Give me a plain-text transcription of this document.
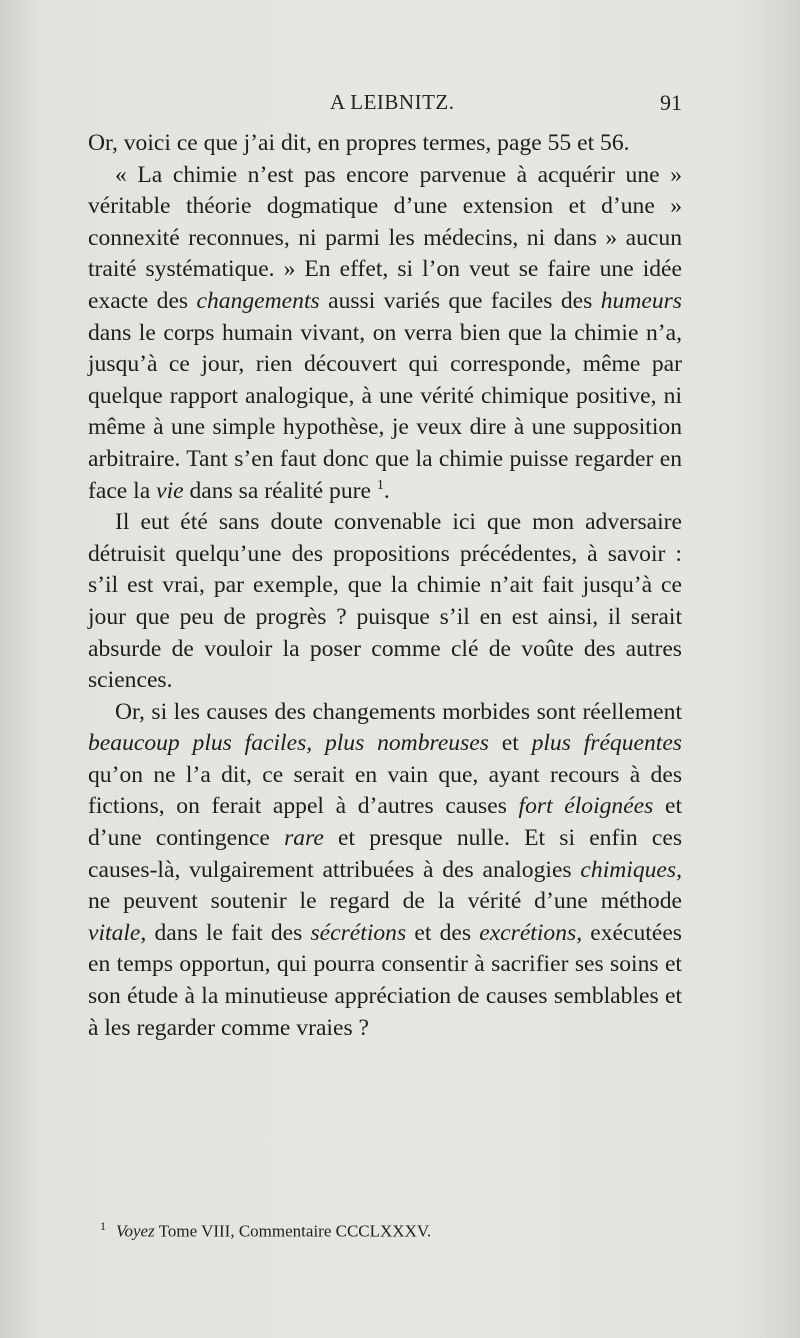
A LEIBNITZ.	91

Or, voici ce que j’ai dit, en propres termes, page 55 et 56.

« La chimie n’est pas encore parvenue à acquérir une » véritable théorie dogmatique d’une extension et d’une » connexité reconnues, ni parmi les médecins, ni dans » aucun traité systématique. » En effet, si l’on veut se faire une idée exacte des changements aussi variés que faciles des humeurs dans le corps humain vivant, on verra bien que la chimie n’a, jusqu’à ce jour, rien découvert qui corresponde, même par quelque rapport analogique, à une vérité chimique positive, ni même à une simple hypothèse, je veux dire à une supposition arbitraire. Tant s’en faut donc que la chimie puisse regarder en face la vie dans sa réalité pure $^1$.

Il eut été sans doute convenable ici que mon adversaire détruisit quelqu’une des propositions précédentes, à savoir : s’il est vrai, par exemple, que la chimie n’ait fait jusqu’à ce jour que peu de progrès ? puisque s’il en est ainsi, il serait absurde de vouloir la poser comme clé de voûte des autres sciences.

Or, si les causes des changements morbides sont réellement beaucoup plus faciles, plus nombreuses et plus fréquentes qu’on ne l’a dit, ce serait en vain que, ayant recours à des fictions, on ferait appel à d’autres causes fort éloignées et d’une contingence rare et presque nulle. Et si enfin ces causes-là, vulgairement attribuées à des analogies chimiques, ne peuvent soutenir le regard de la vérité d’une méthode vitale, dans le fait des sécrétions et des excrétions, exécutées en temps opportun, qui pourra consentir à sacrifier ses soins et son étude à la minutieuse appréciation de causes semblables et à les regarder comme vraies ?

$^1$ Voyez Tome VIII, Commentaire CCCLXXXV.
